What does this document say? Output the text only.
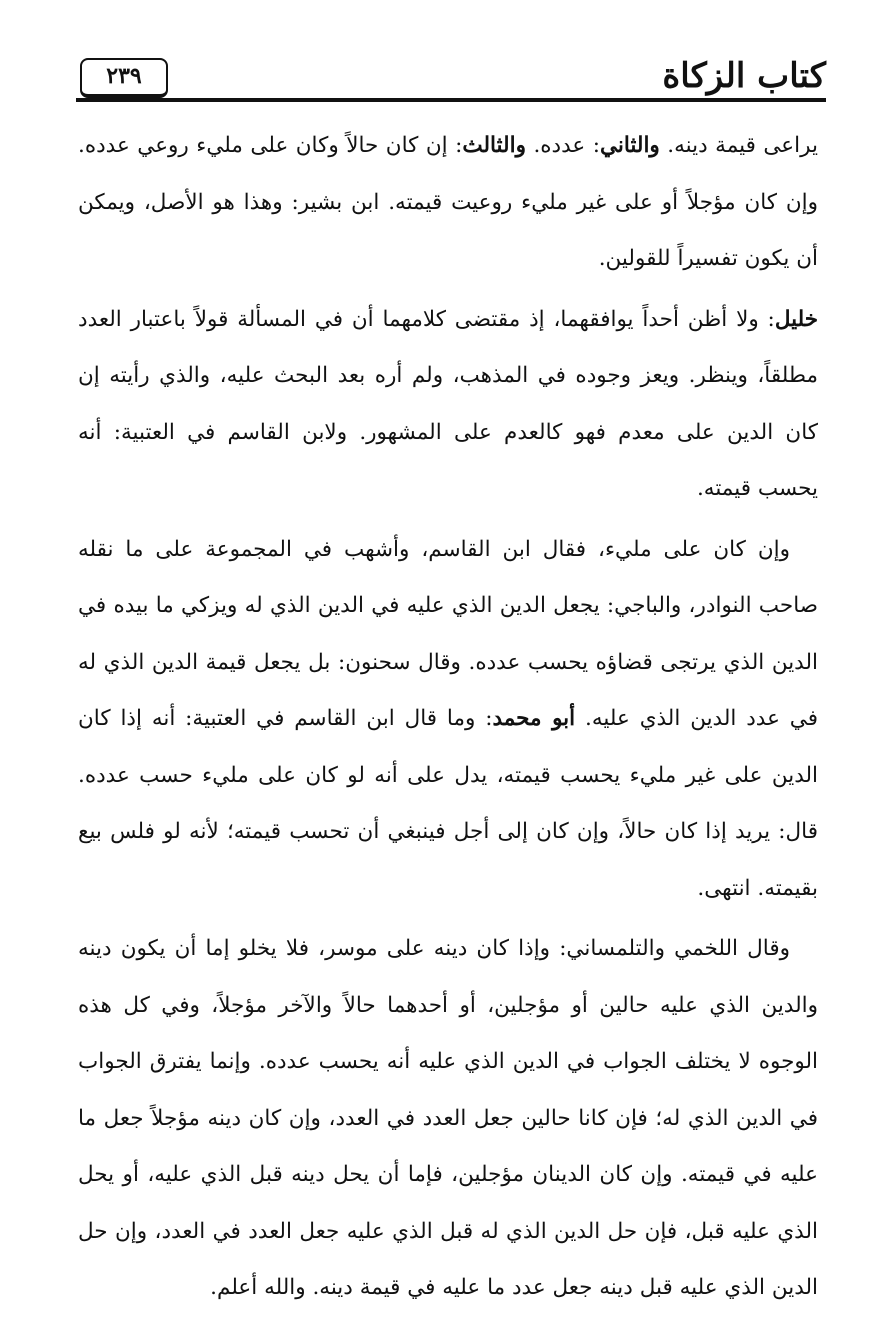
كتاب الزكاة
٢٣٩

يراعى قيمة دينه. والثاني: عدده. والثالث: إن كان حالاً وكان على مليء روعي عدده. وإن كان مؤجلاً أو على غير مليء روعيت قيمته. ابن بشير: وهذا هو الأصل، ويمكن أن يكون تفسيراً للقولين.

خليل: ولا أظن أحداً يوافقهما، إذ مقتضى كلامهما أن في المسألة قولاً باعتبار العدد مطلقاً، وينظر. ويعز وجوده في المذهب، ولم أره بعد البحث عليه، والذي رأيته إن كان الدين على معدم فهو كالعدم على المشهور. ولابن القاسم في العتبية: أنه يحسب قيمته.

وإن كان على مليء، فقال ابن القاسم، وأشهب في المجموعة على ما نقله صاحب النوادر، والباجي: يجعل الدين الذي عليه في الدين الذي له ويزكي ما بيده في الدين الذي يرتجى قضاؤه يحسب عدده. وقال سحنون: بل يجعل قيمة الدين الذي له في عدد الدين الذي عليه. أبو محمد: وما قال ابن القاسم في العتبية: أنه إذا كان الدين على غير مليء يحسب قيمته، يدل على أنه لو كان على مليء حسب عدده. قال: يريد إذا كان حالاً، وإن كان إلى أجل فينبغي أن تحسب قيمته؛ لأنه لو فلس بيع بقيمته. انتهى.

وقال اللخمي والتلمساني: وإذا كان دينه على موسر، فلا يخلو إما أن يكون دينه والدين الذي عليه حالين أو مؤجلين، أو أحدهما حالاً والآخر مؤجلاً، وفي كل هذه الوجوه لا يختلف الجواب في الدين الذي عليه أنه يحسب عدده. وإنما يفترق الجواب في الدين الذي له؛ فإن كانا حالين جعل العدد في العدد، وإن كان دينه مؤجلاً جعل ما عليه في قيمته. وإن كان الدينان مؤجلين، فإما أن يحل دينه قبل الذي عليه، أو يحل الذي عليه قبل، فإن حل الدين الذي له قبل الذي عليه جعل العدد في العدد، وإن حل الدين الذي عليه قبل دينه جعل عدد ما عليه في قيمة دينه. والله أعلم.
